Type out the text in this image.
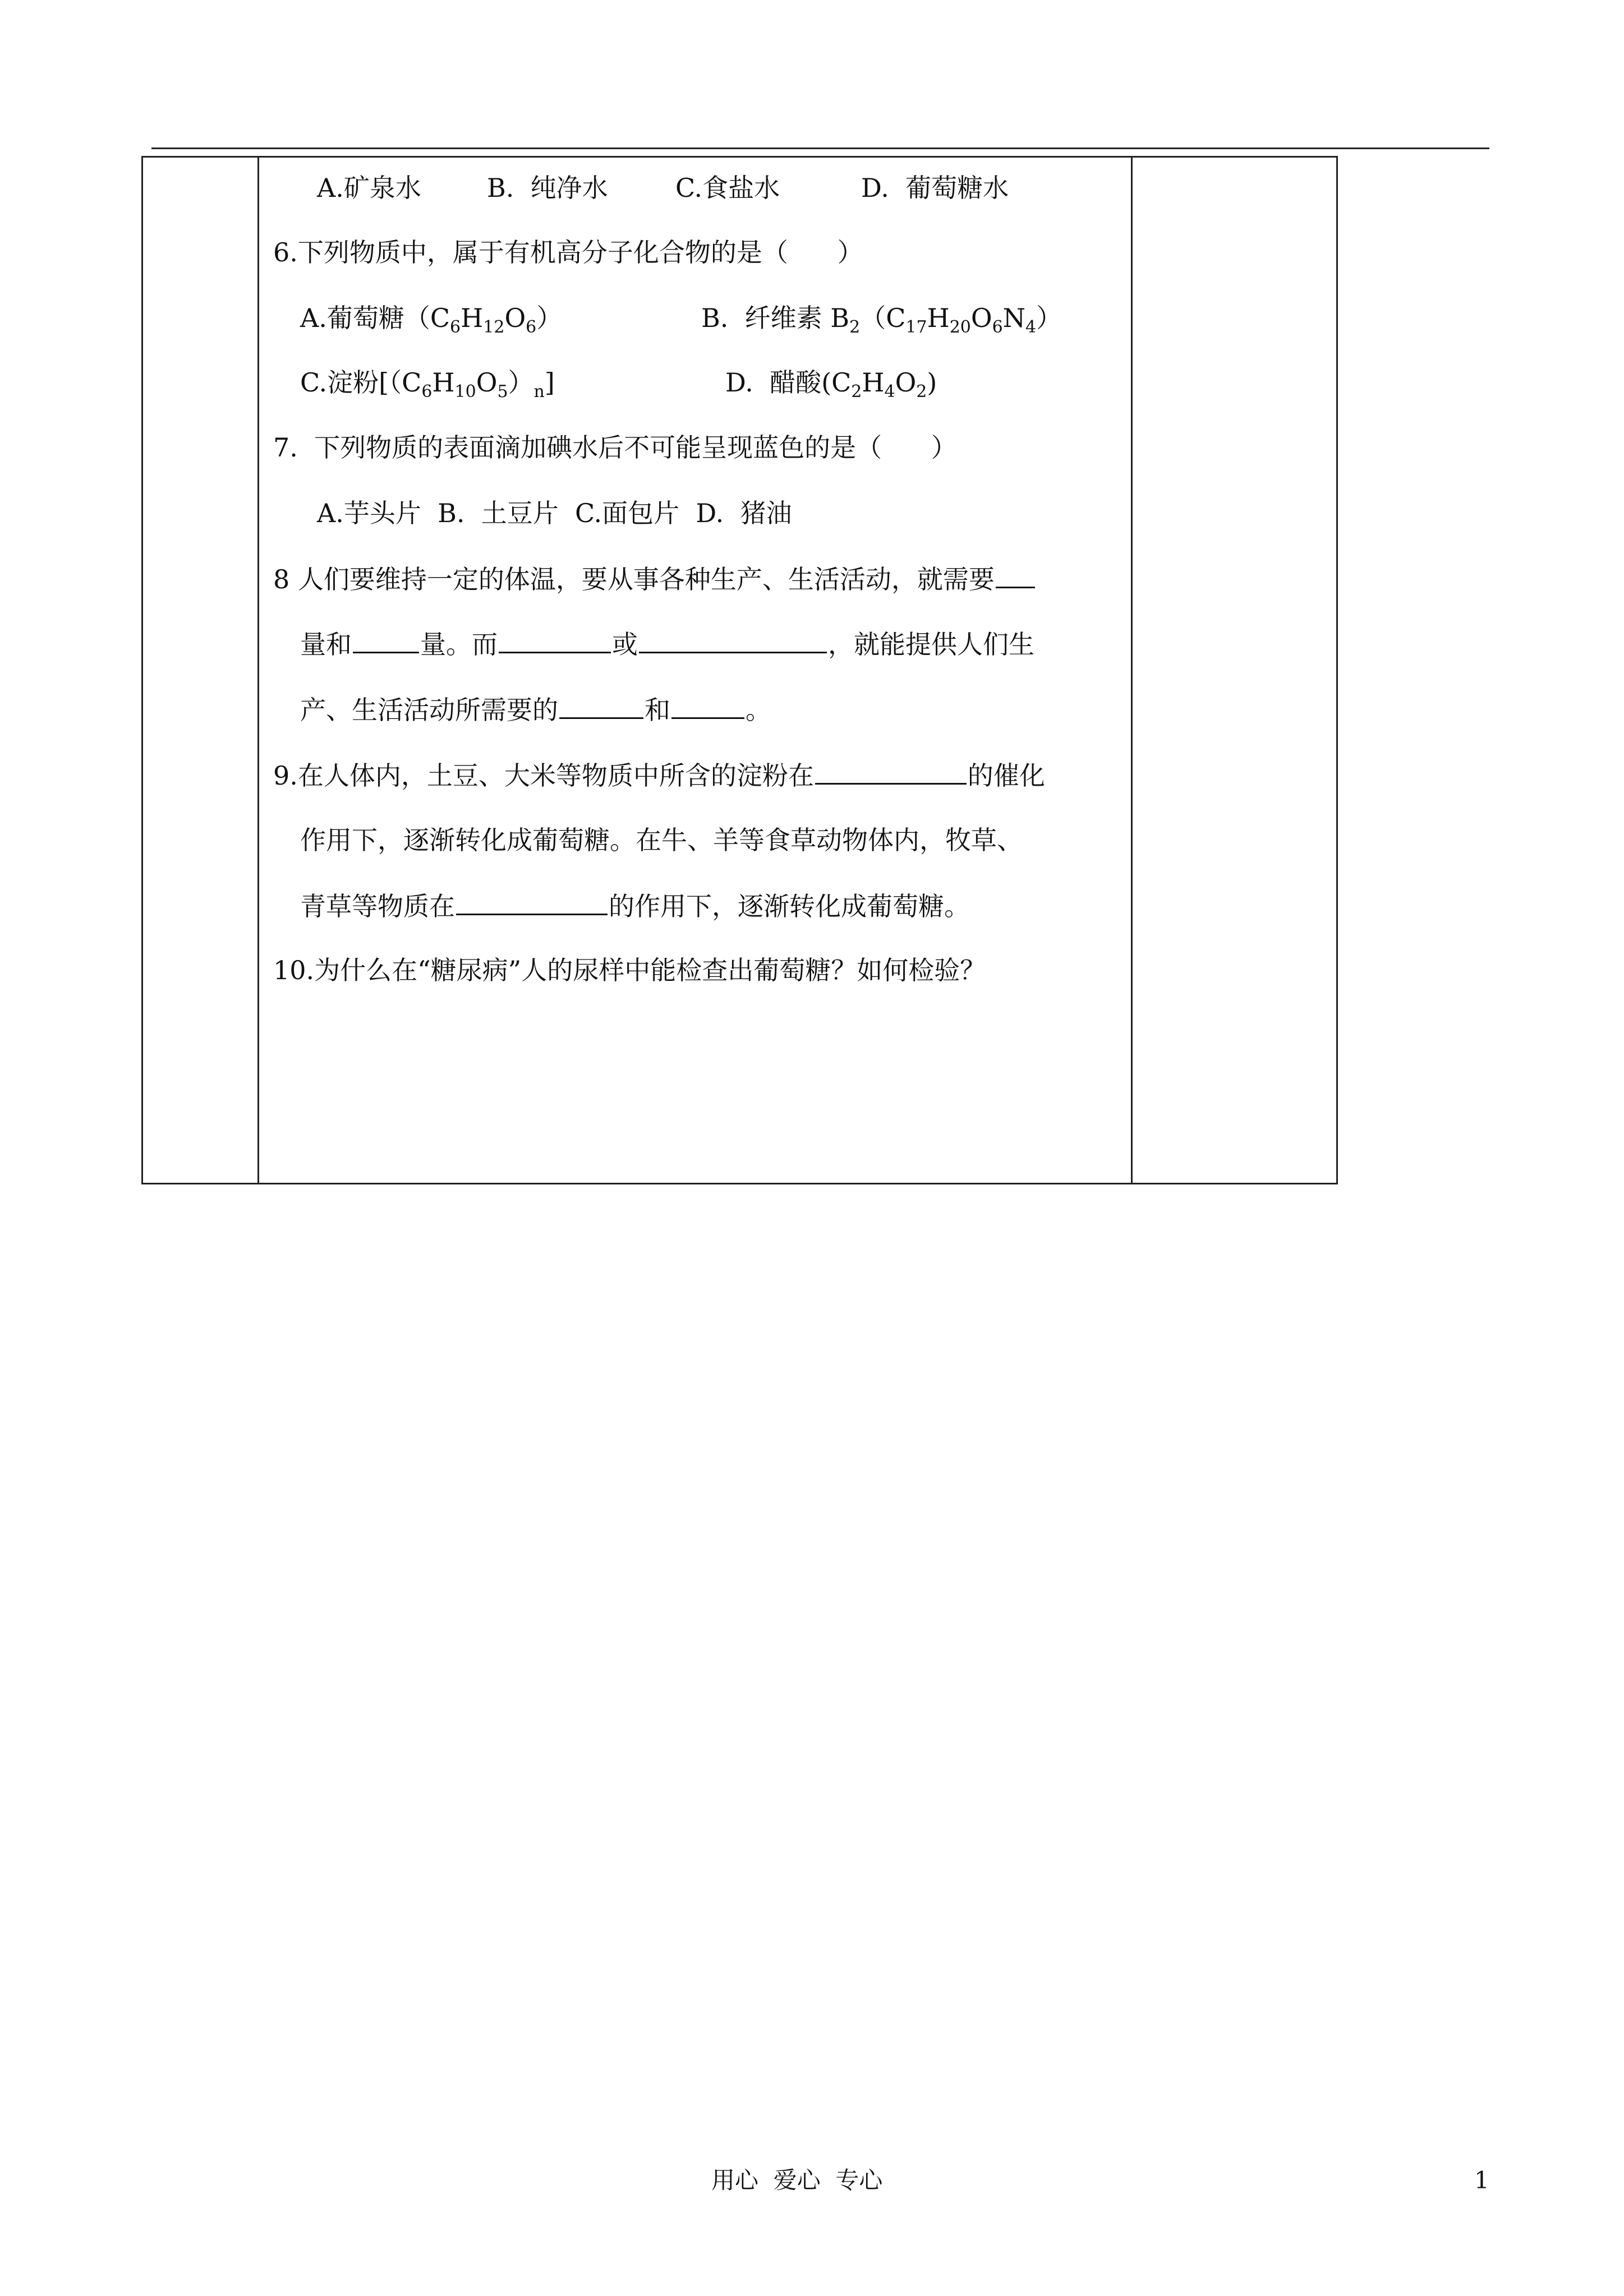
A.矿泉水	B.  纯净水	C.食盐水	D.  葡萄糖水
6.下列物质中，属于有机高分子化合物的是（      ）
A.葡萄糖$(C_6H_{12}O_6)$	B.  纤维素 $B_2(C_{17}H_{20}O_6N_4)$
C.淀粉$[(C_6H_{10}O_5)_n]$	D.  醋酸$(C_2H_4O_2)$
7.  下列物质的表面滴加碘水后不可能呈现蓝色的是（      ）
A.芋头片  B.  土豆片  C.面包片  D.  猪油
8 人们要维持一定的体温，要从事各种生产、生活活动，就需要
量和	量。而	或	，就能提供人们生
产、生活活动所需要的	和	。
9.在人体内，土豆、大米等物质中所含的淀粉在	的催化
作用下，逐渐转化成葡萄糖。在牛、羊等食草动物体内，牧草、
青草等物质在	的作用下，逐渐转化成葡萄糖。
10.为什么在“糖尿病”人的尿样中能检查出葡萄糖？如何检验？
用心  爱心  专心	1
